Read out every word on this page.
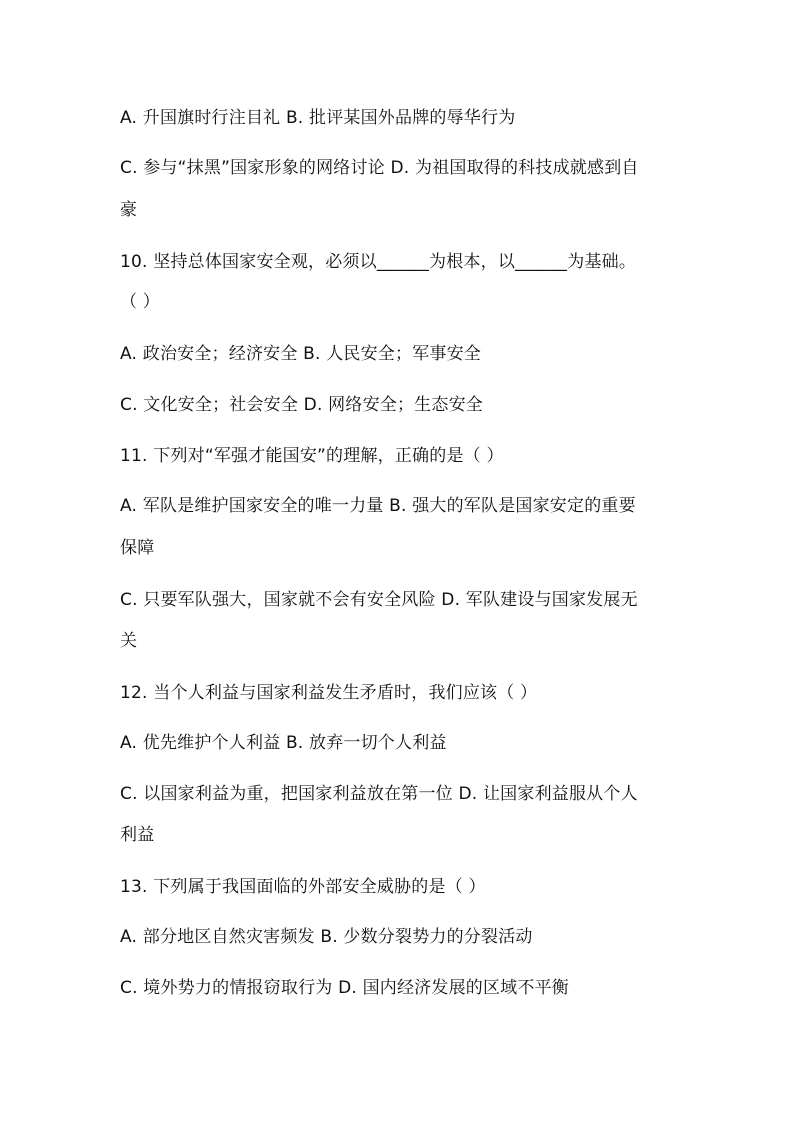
A. 升国旗时行注目礼 B. 批评某国外品牌的辱华行为
C. 参与“抹黑”国家形象的网络讨论 D. 为祖国取得的科技成就感到自
豪
10. 坚持总体国家安全观，必须以______为根本，以______为基础。
（ ）
A. 政治安全；经济安全 B. 人民安全；军事安全
C. 文化安全；社会安全 D. 网络安全；生态安全
11. 下列对“军强才能国安”的理解，正确的是（ ）
A. 军队是维护国家安全的唯一力量 B. 强大的军队是国家安定的重要
保障
C. 只要军队强大，国家就不会有安全风险 D. 军队建设与国家发展无
关
12. 当个人利益与国家利益发生矛盾时，我们应该（ ）
A. 优先维护个人利益 B. 放弃一切个人利益
C. 以国家利益为重，把国家利益放在第一位 D. 让国家利益服从个人
利益
13. 下列属于我国面临的外部安全威胁的是（ ）
A. 部分地区自然灾害频发 B. 少数分裂势力的分裂活动
C. 境外势力的情报窃取行为 D. 国内经济发展的区域不平衡
